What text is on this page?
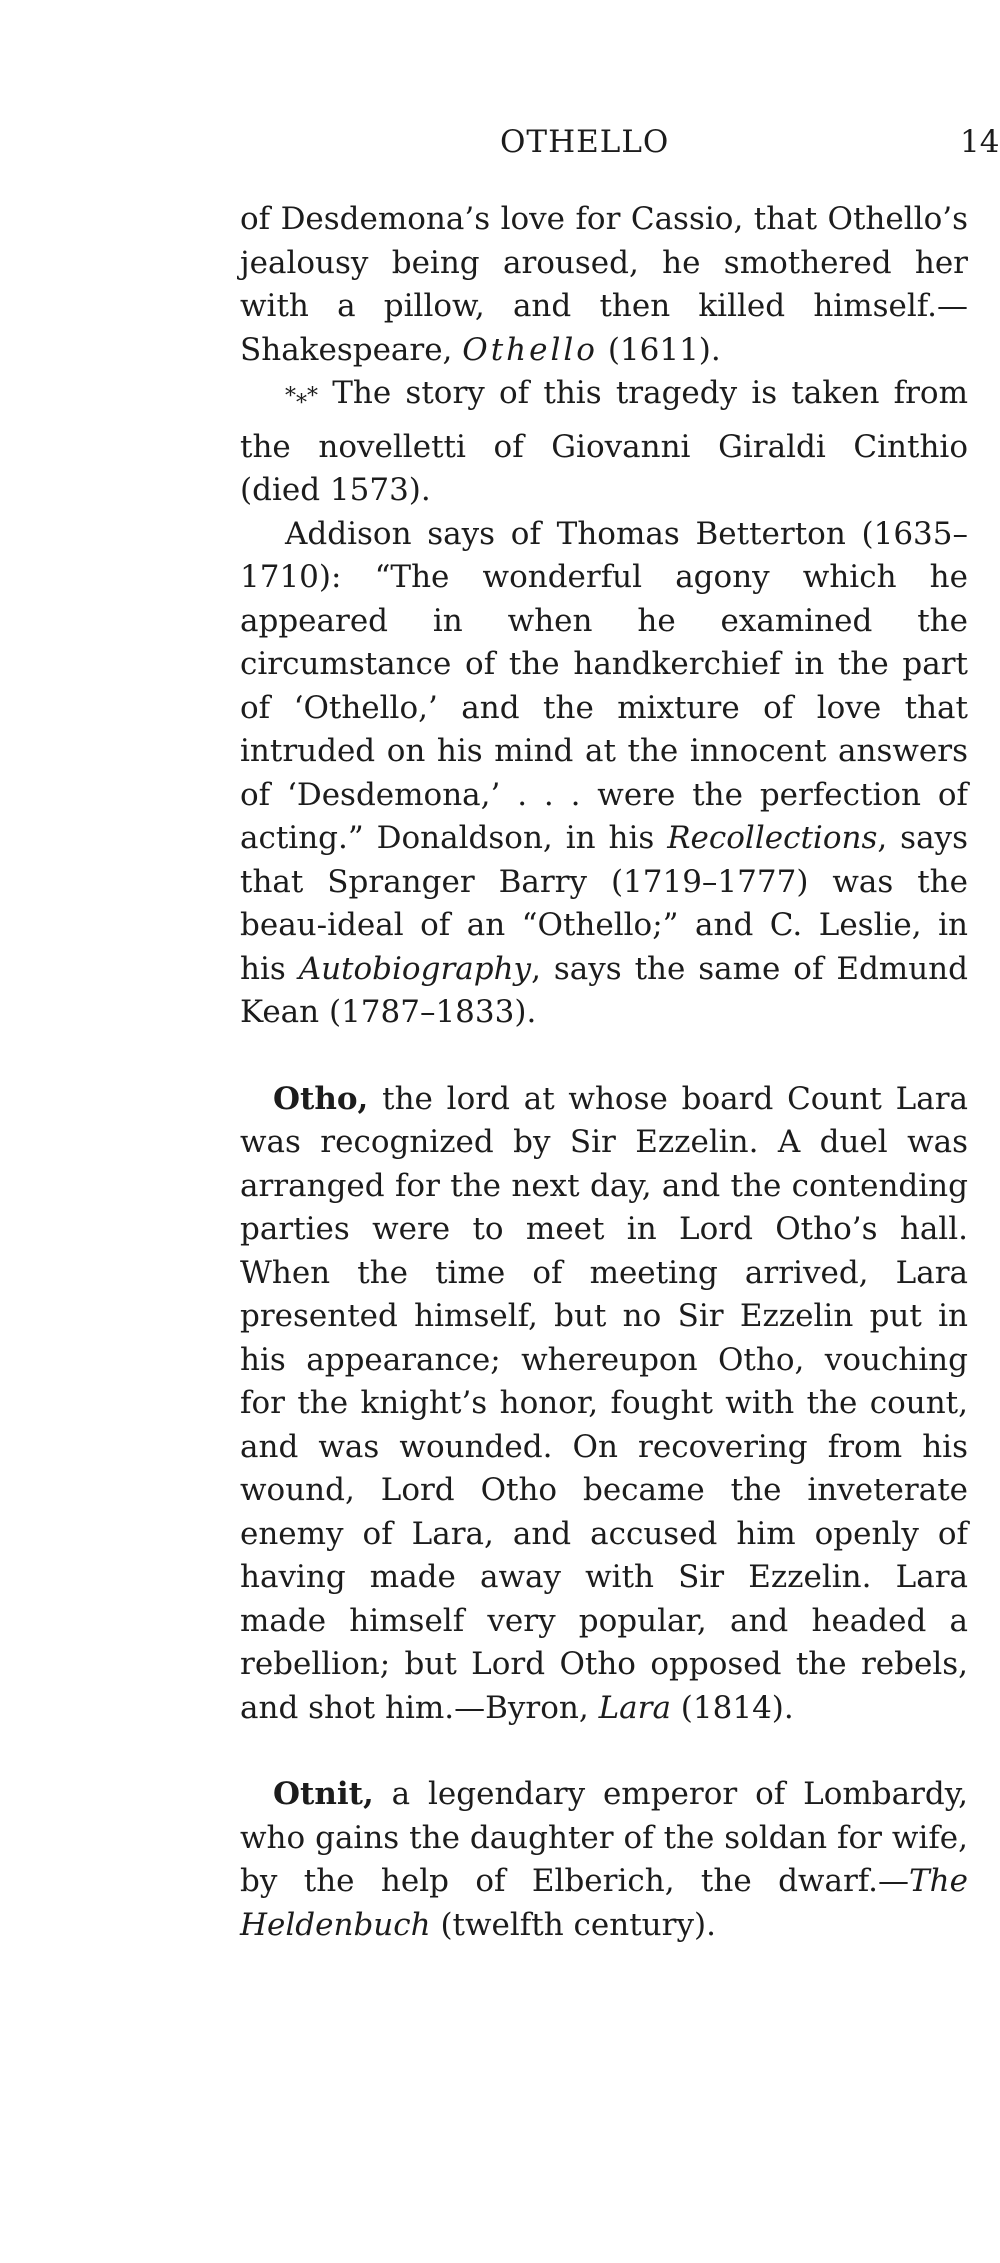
OTHELLO	14

of Desdemona’s love for Cassio, that Othello’s jealousy being aroused, he smothered her with a pillow, and then killed himself.— Shakespeare, Othello (1611).

$*_**$ The story of this tragedy is taken from the novelletti of Giovanni Giraldi Cinthio (died 1573).

Addison says of Thomas Betterton (1635–1710): “The wonderful agony which he appeared in when he examined the circumstance of the handkerchief in the part of ‘Othello,’ and the mixture of love that intruded on his mind at the innocent answers of ‘Desdemona,’ . . . were the perfection of acting.” Donaldson, in his Recollections, says that Spranger Barry (1719–1777) was the beau-ideal of an “Othello;” and C. Leslie, in his Autobiography, says the same of Edmund Kean (1787–1833).

Otho, the lord at whose board Count Lara was recognized by Sir Ezzelin. A duel was arranged for the next day, and the contending parties were to meet in Lord Otho’s hall. When the time of meeting arrived, Lara presented himself, but no Sir Ezzelin put in his appearance; whereupon Otho, vouching for the knight’s honor, fought with the count, and was wounded. On recovering from his wound, Lord Otho became the inveterate enemy of Lara, and accused him openly of having made away with Sir Ezzelin. Lara made himself very popular, and headed a rebellion; but Lord Otho opposed the rebels, and shot him.—Byron, Lara (1814).

Otnit, a legendary emperor of Lombardy, who gains the daughter of the soldan for wife, by the help of Elberich, the dwarf.—The Heldenbuch (twelfth century).
